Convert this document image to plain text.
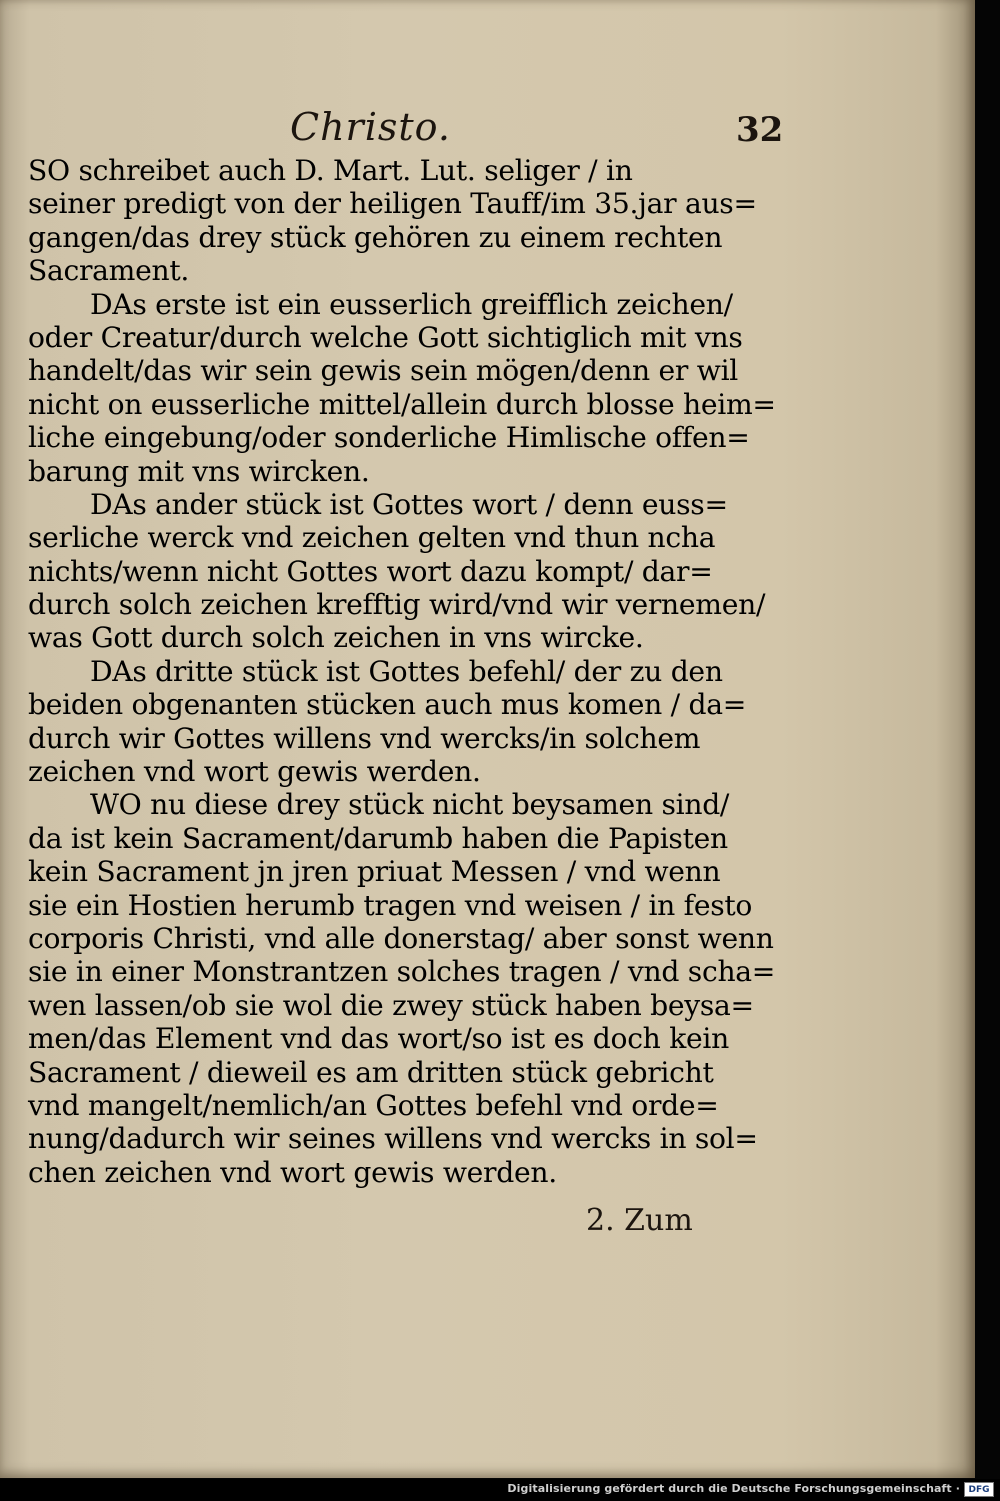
Christo.	32
SO schreibet auch D. Mart. Lut. seliger / in
seiner predigt von der heiligen Tauff/im 35.jar aus=
gangen/das drey stück gehören zu einem rechten
Sacrament.
DAs erste ist ein eusserlich greifflich zeichen/
oder Creatur/durch welche Gott sichtiglich mit vns
handelt/das wir sein gewis sein mögen/denn er wil
nicht on eusserliche mittel/allein durch blosse heim=
liche eingebung/oder sonderliche Himlische offen=
barung mit vns wircken.
DAs ander stück ist Gottes wort / denn euss=
serliche werck vnd zeichen gelten vnd thun ncha
nichts/wenn nicht Gottes wort dazu kompt/ dar=
durch solch zeichen krefftig wird/vnd wir vernemen/
was Gott durch solch zeichen in vns wircke.
DAs dritte stück ist Gottes befehl/ der zu den
beiden obgenanten stücken auch mus komen / da=
durch wir Gottes willens vnd wercks/in solchem
zeichen vnd wort gewis werden.
WO nu diese drey stück nicht beysamen sind/
da ist kein Sacrament/darumb haben die Papisten
kein Sacrament jn jren priuat Messen / vnd wenn
sie ein Hostien herumb tragen vnd weisen / in festo
corporis Christi, vnd alle donerstag/ aber sonst wenn
sie in einer Monstrantzen solches tragen / vnd scha=
wen lassen/ob sie wol die zwey stück haben beysa=
men/das Element vnd das wort/so ist es doch kein
Sacrament / dieweil es am dritten stück gebricht
vnd mangelt/nemlich/an Gottes befehl vnd orde=
nung/dadurch wir seines willens vnd wercks in sol=
chen zeichen vnd wort gewis werden.
2. Zum
Digitalisierung gefördert durch die Deutsche Forschungsgemeinschaft · DFG
